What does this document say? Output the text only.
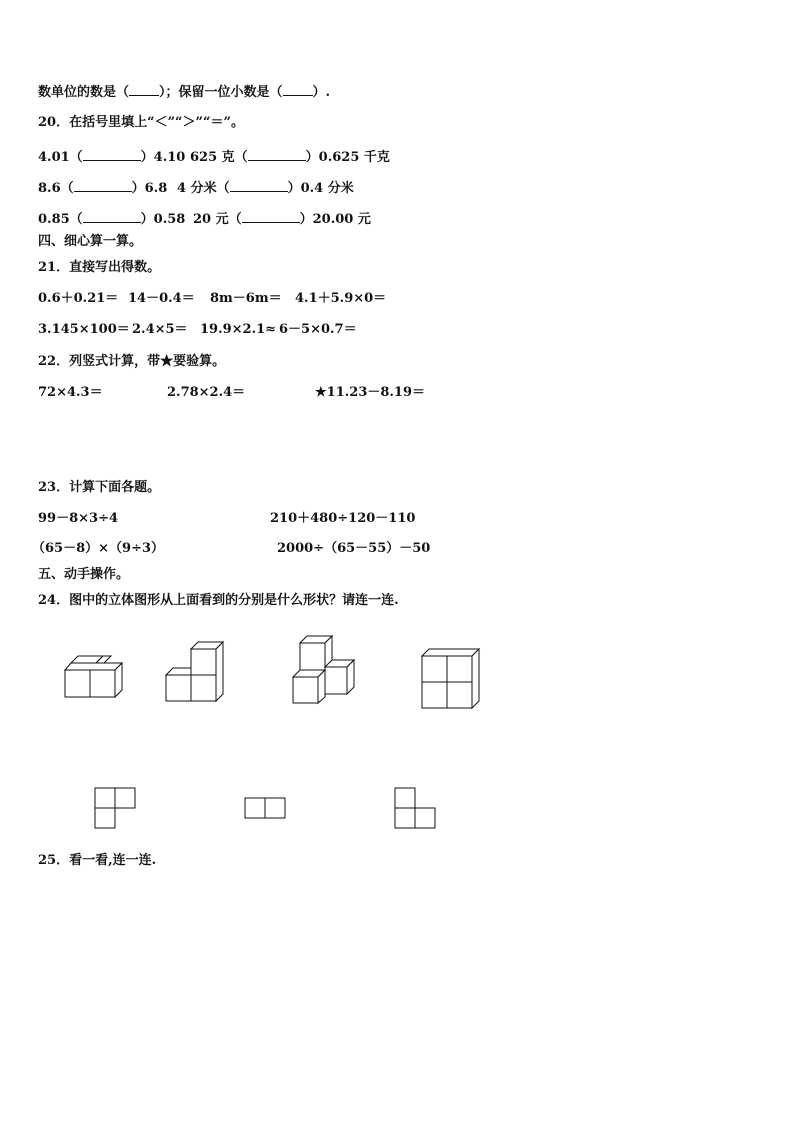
数单位的数是（ ）；保留一位小数是（ ）.
20．在括号里填上“＜”“＞”“＝”。
4.01（	）4.10 625 克（	）0.625 千克
8.6（	）6.8 4 分米（	）0.4 分米
0.85（	）0.58 20 元（	）20.00 元
四、细心算一算。
21．直接写出得数。
0.6＋0.21＝ 14－0.4＝ 8m－6m＝ 4.1＋5.9×0＝
3.145×100＝ 2.4×5＝ 19.9×2.1≈ 6－5×0.7＝
22．列竖式计算，带★要验算。
72×4.3＝	2.78×2.4＝	★11.23－8.19＝
23．计算下面各题。
99－8×3÷4	210＋480÷120－110
（65－8）×（9÷3）	2000÷（65－55）－50
五、动手操作。
24．图中的立体图形从上面看到的分别是什么形状？请连一连.
25．看一看,连一连.
